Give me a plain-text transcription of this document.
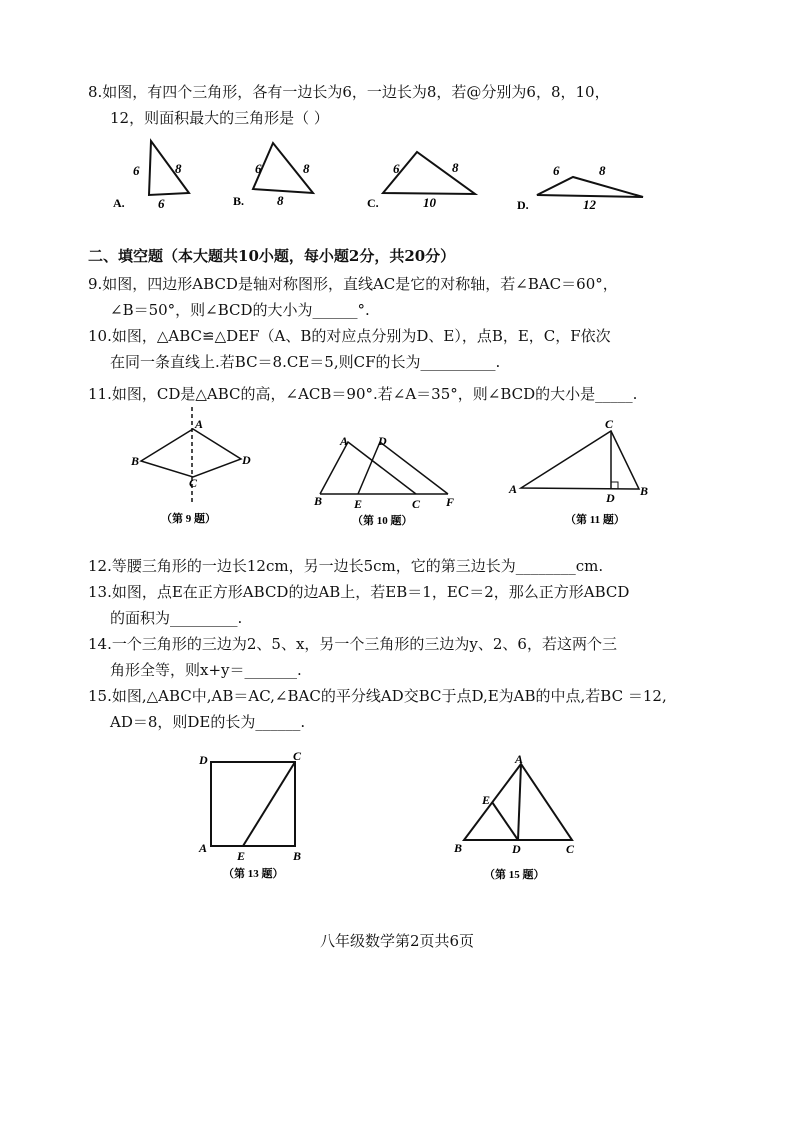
8.如图，有四个三角形，各有一边长为6，一边长为8，若@分别为6，8，10，
12，则面积最大的三角形是（ ）
6	8
6
A.
6	8
8
B.
6	8
10
C.
6	8
12
D.
二、填空题（本大题共10小题，每小题2分，共20分）
9.如图，四边形ABCD是轴对称图形，直线AC是它的对称轴，若∠BAC＝60°，
∠B＝50°，则∠BCD的大小为______°.
10.如图，△ABC≌△DEF（A、B的对应点分别为D、E），点B，E，C，F依次
在同一条直线上.若BC＝8.CE＝5,则CF的长为__________.
11.如图，CD是△ABC的高，∠ACB＝90°.若∠A＝35°，则∠BCD的大小是_____.
A
B
C
D
（第 9 题）
A D
B	E	C F
（第 10 题）
C
A
D B
（第 11 题）
12.等腰三角形的一边长12cm，另一边长5cm，它的第三边长为________cm.
13.如图，点E在正方形ABCD的边AB上，若EB＝1，EC＝2，那么正方形ABCD
的面积为_________.
14.一个三角形的三边为2、5、x，另一个三角形的三边为y、2、6，若这两个三
角形全等，则x+y＝_______.
15.如图,△ABC中,AB＝AC,∠BAC的平分线AD交BC于点D,E为AB的中点,若BC ＝12,
AD＝8，则DE的长为______.
D	C
A
E	B
（第 13 题）
A
E
B	D	C
（第 15 题）
八年级数学第2页共6页
